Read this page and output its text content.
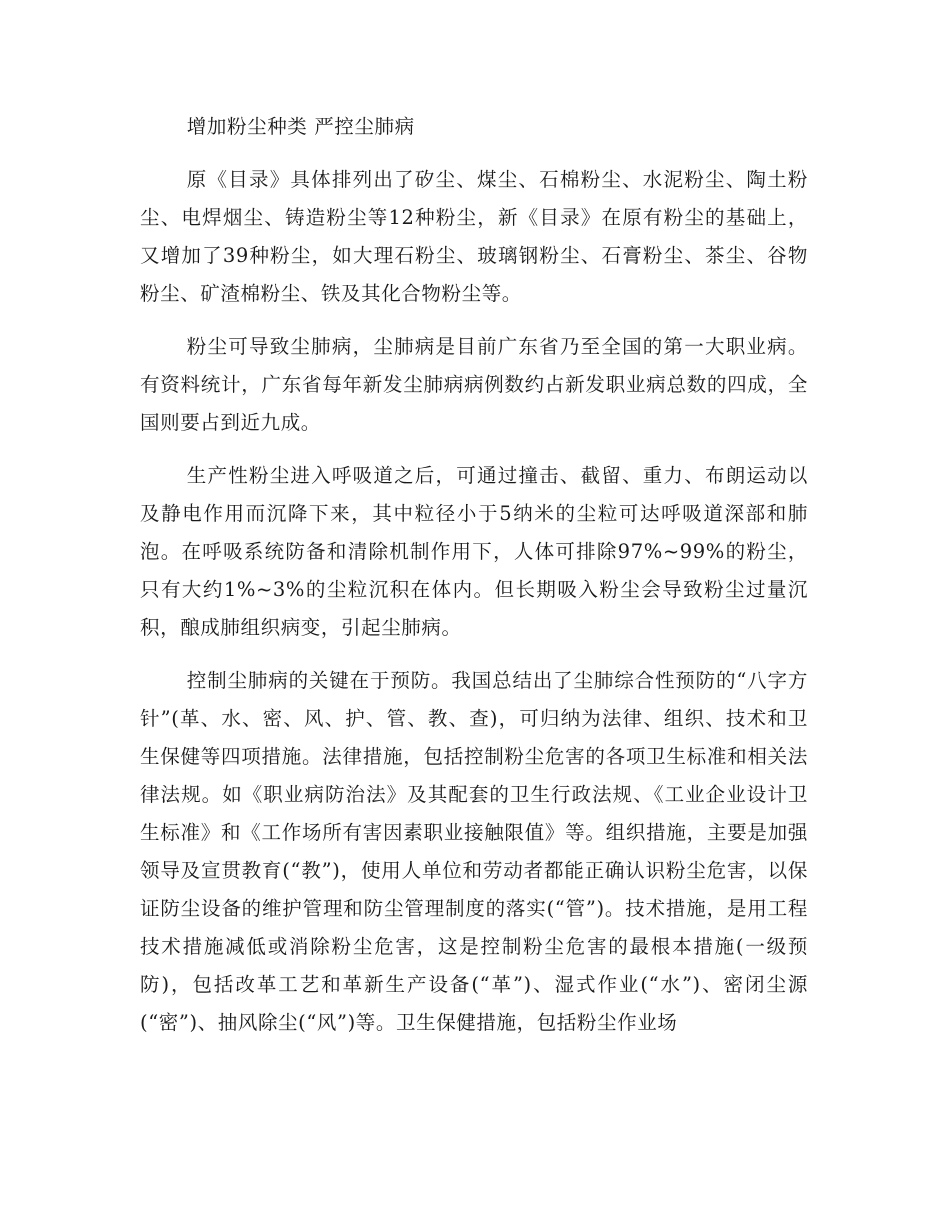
增加粉尘种类 严控尘肺病

原《目录》具体排列出了矽尘、煤尘、石棉粉尘、水泥粉尘、陶土粉尘、电焊烟尘、铸造粉尘等12种粉尘，新《目录》在原有粉尘的基础上，又增加了39种粉尘，如大理石粉尘、玻璃钢粉尘、石膏粉尘、茶尘、谷物粉尘、矿渣棉粉尘、铁及其化合物粉尘等。

粉尘可导致尘肺病，尘肺病是目前广东省乃至全国的第一大职业病。有资料统计，广东省每年新发尘肺病病例数约占新发职业病总数的四成，全国则要占到近九成。

生产性粉尘进入呼吸道之后，可通过撞击、截留、重力、布朗运动以及静电作用而沉降下来，其中粒径小于5纳米的尘粒可达呼吸道深部和肺泡。在呼吸系统防备和清除机制作用下，人体可排除97%~99%的粉尘，只有大约1%~3%的尘粒沉积在体内。但长期吸入粉尘会导致粉尘过量沉积，酿成肺组织病变，引起尘肺病。

控制尘肺病的关键在于预防。我国总结出了尘肺综合性预防的“八字方针”(革、水、密、风、护、管、教、查)，可归纳为法律、组织、技术和卫生保健等四项措施。法律措施，包括控制粉尘危害的各项卫生标准和相关法律法规。如《职业病防治法》及其配套的卫生行政法规、《工业企业设计卫生标准》和《工作场所有害因素职业接触限值》等。组织措施，主要是加强领导及宣贯教育(“教”)，使用人单位和劳动者都能正确认识粉尘危害，以保证防尘设备的维护管理和防尘管理制度的落实(“管”)。技术措施，是用工程技术措施减低或消除粉尘危害，这是控制粉尘危害的最根本措施(一级预防)，包括改革工艺和革新生产设备(“革”)、湿式作业(“水”)、密闭尘源(“密”)、抽风除尘(“风”)等。卫生保健措施，包括粉尘作业场
